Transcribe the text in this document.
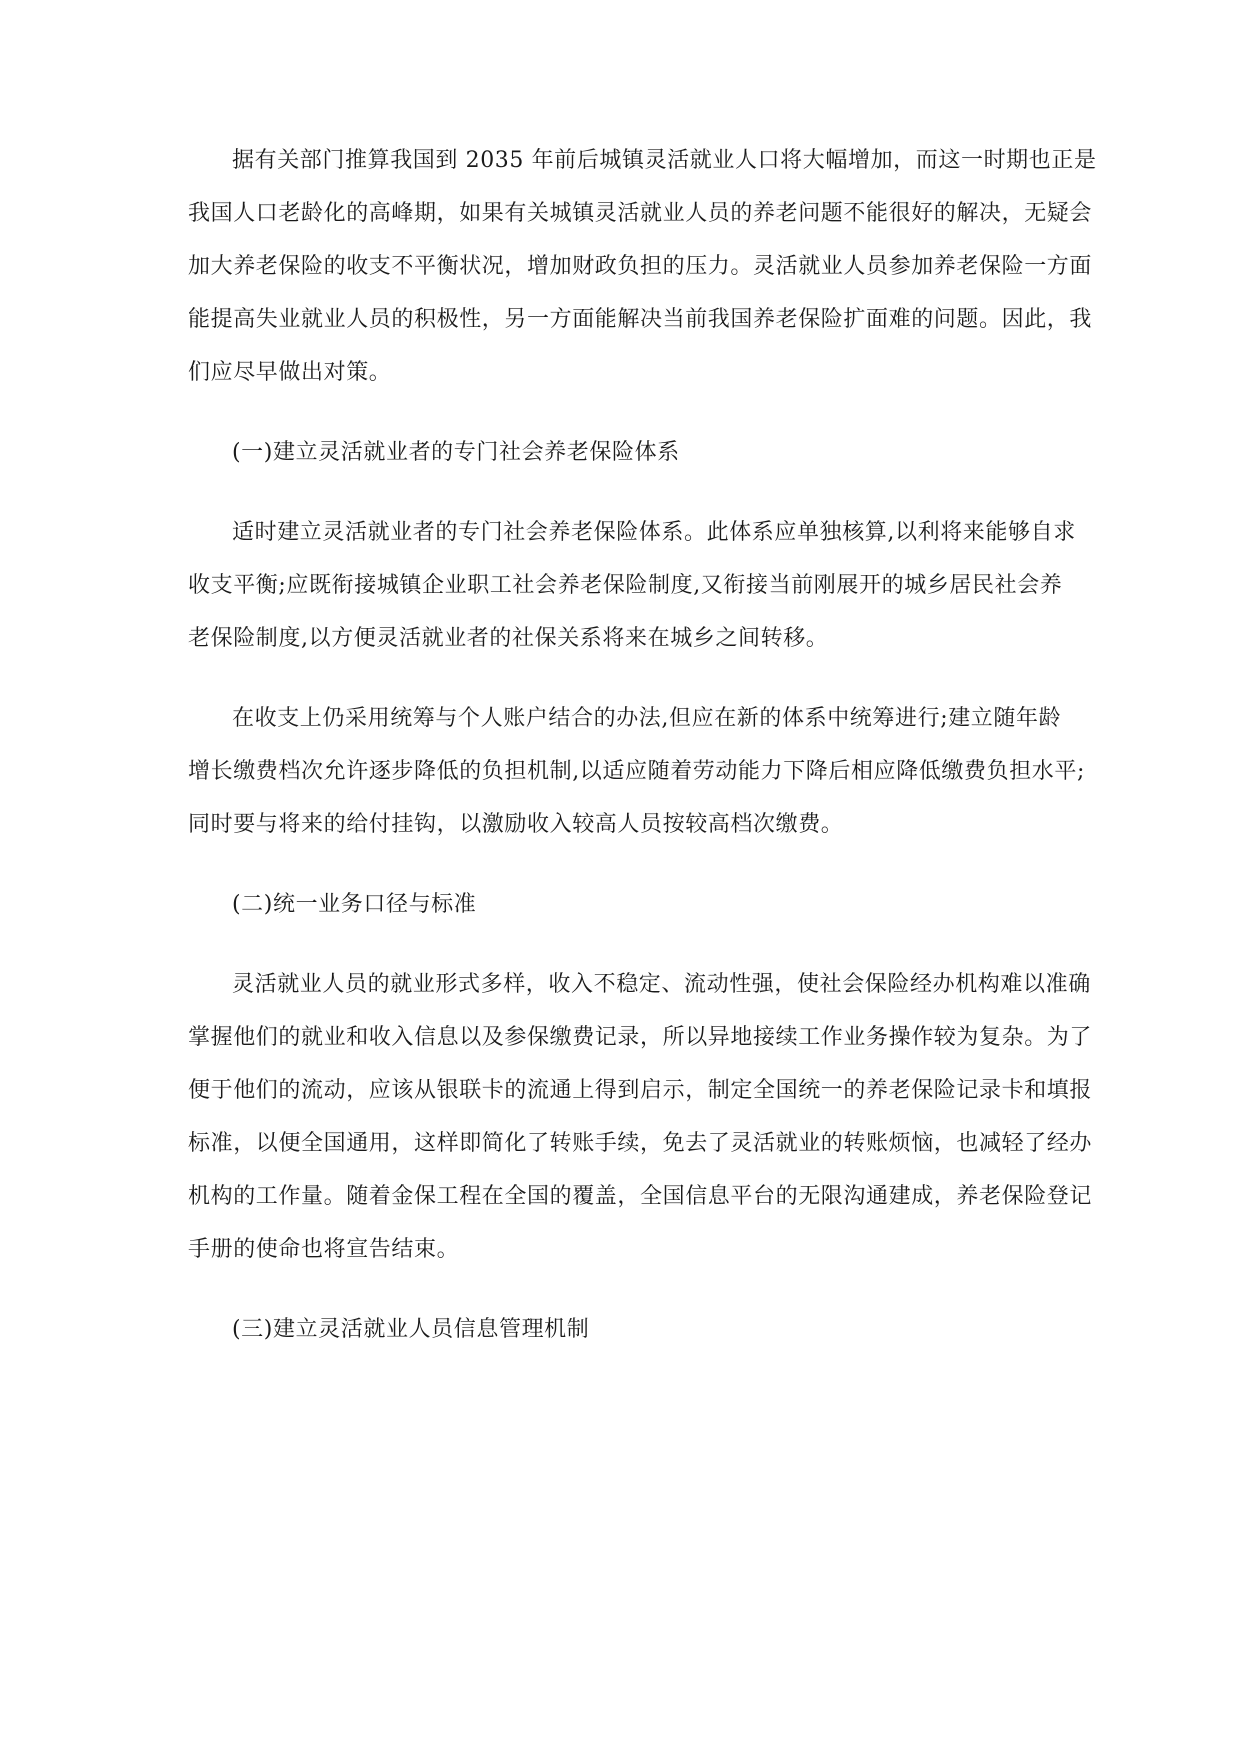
据有关部门推算我国到 2035 年前后城镇灵活就业人口将大幅增加，而这一时期也正是
我国人口老龄化的高峰期，如果有关城镇灵活就业人员的养老问题不能很好的解决，无疑会
加大养老保险的收支不平衡状况，增加财政负担的压力。灵活就业人员参加养老保险一方面
能提高失业就业人员的积极性，另一方面能解决当前我国养老保险扩面难的问题。因此，我
们应尽早做出对策。
(一)建立灵活就业者的专门社会养老保险体系
适时建立灵活就业者的专门社会养老保险体系。此体系应单独核算,以利将来能够自求
收支平衡;应既衔接城镇企业职工社会养老保险制度,又衔接当前刚展开的城乡居民社会养
老保险制度,以方便灵活就业者的社保关系将来在城乡之间转移。
在收支上仍采用统筹与个人账户结合的办法,但应在新的体系中统筹进行;建立随年龄
增长缴费档次允许逐步降低的负担机制,以适应随着劳动能力下降后相应降低缴费负担水平;
同时要与将来的给付挂钩，以激励收入较高人员按较高档次缴费。
(二)统一业务口径与标准
灵活就业人员的就业形式多样，收入不稳定、流动性强，使社会保险经办机构难以准确
掌握他们的就业和收入信息以及参保缴费记录，所以异地接续工作业务操作较为复杂。为了
便于他们的流动，应该从银联卡的流通上得到启示，制定全国统一的养老保险记录卡和填报
标准，以便全国通用，这样即简化了转账手续，免去了灵活就业的转账烦恼，也减轻了经办
机构的工作量。随着金保工程在全国的覆盖，全国信息平台的无限沟通建成，养老保险登记
手册的使命也将宣告结束。
(三)建立灵活就业人员信息管理机制
